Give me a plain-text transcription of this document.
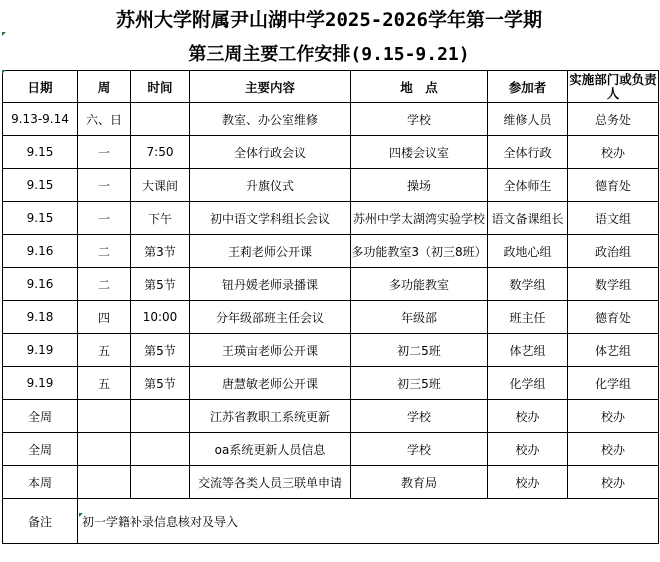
苏州大学附属尹山湖中学2025-2026学年第一学期
第三周主要工作安排(9.15-9.21)
日期	周	时间	主要内容	地　点	参加者	实施部门或负责人
9.13-9.14	六、日		教室、办公室维修	学校	维修人员	总务处
9.15	一	7:50	全体行政会议	四楼会议室	全体行政	校办
9.15	一	大课间	升旗仪式	操场	全体师生	德育处
9.15	一	下午	初中语文学科组长会议	苏州中学太湖湾实验学校	语文备课组长	语文组
9.16	二	第3节	王莉老师公开课	多功能教室3（初三8班）	政地心组	政治组
9.16	二	第5节	钮丹媛老师录播课	多功能教室	数学组	数学组
9.18	四	10:00	分年级部班主任会议	年级部	班主任	德育处
9.19	五	第5节	王瑛亩老师公开课	初二5班	体艺组	体艺组
9.19	五	第5节	唐慧敏老师公开课	初三5班	化学组	化学组
全周			江苏省教职工系统更新	学校	校办	校办
全周			oa系统更新人员信息	学校	校办	校办
本周			交流等各类人员三联单申请	教育局	校办	校办
备注	初一学籍补录信息核对及导入					
